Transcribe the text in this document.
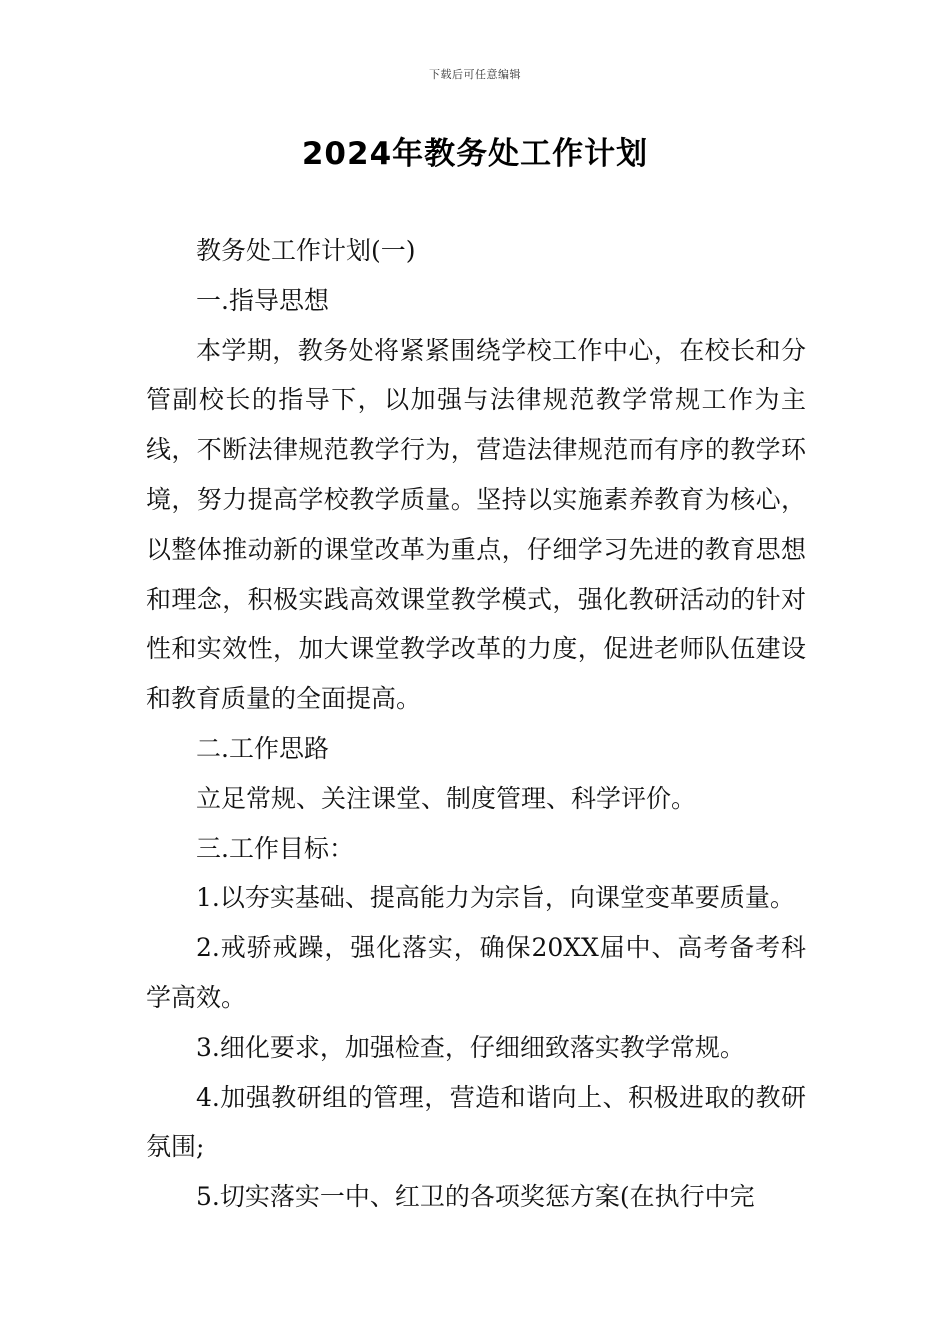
下载后可任意编辑
2024年教务处工作计划

教务处工作计划(一)

一.指导思想

本学期，教务处将紧紧围绕学校工作中心，在校长和分管副校长的指导下，以加强与法律规范教学常规工作为主线，不断法律规范教学行为，营造法律规范而有序的教学环境，努力提高学校教学质量。坚持以实施素养教育为核心，以整体推动新的课堂改革为重点，仔细学习先进的教育思想和理念，积极实践高效课堂教学模式，强化教研活动的针对性和实效性，加大课堂教学改革的力度，促进老师队伍建设和教育质量的全面提高。

二.工作思路

立足常规、关注课堂、制度管理、科学评价。

三.工作目标：

1.以夯实基础、提高能力为宗旨，向课堂变革要质量。

2.戒骄戒躁，强化落实，确保20XX届中、高考备考科学高效。

3.细化要求，加强检查，仔细细致落实教学常规。

4.加强教研组的管理，营造和谐向上、积极进取的教研氛围;

5.切实落实一中、红卫的各项奖惩方案(在执行中完
